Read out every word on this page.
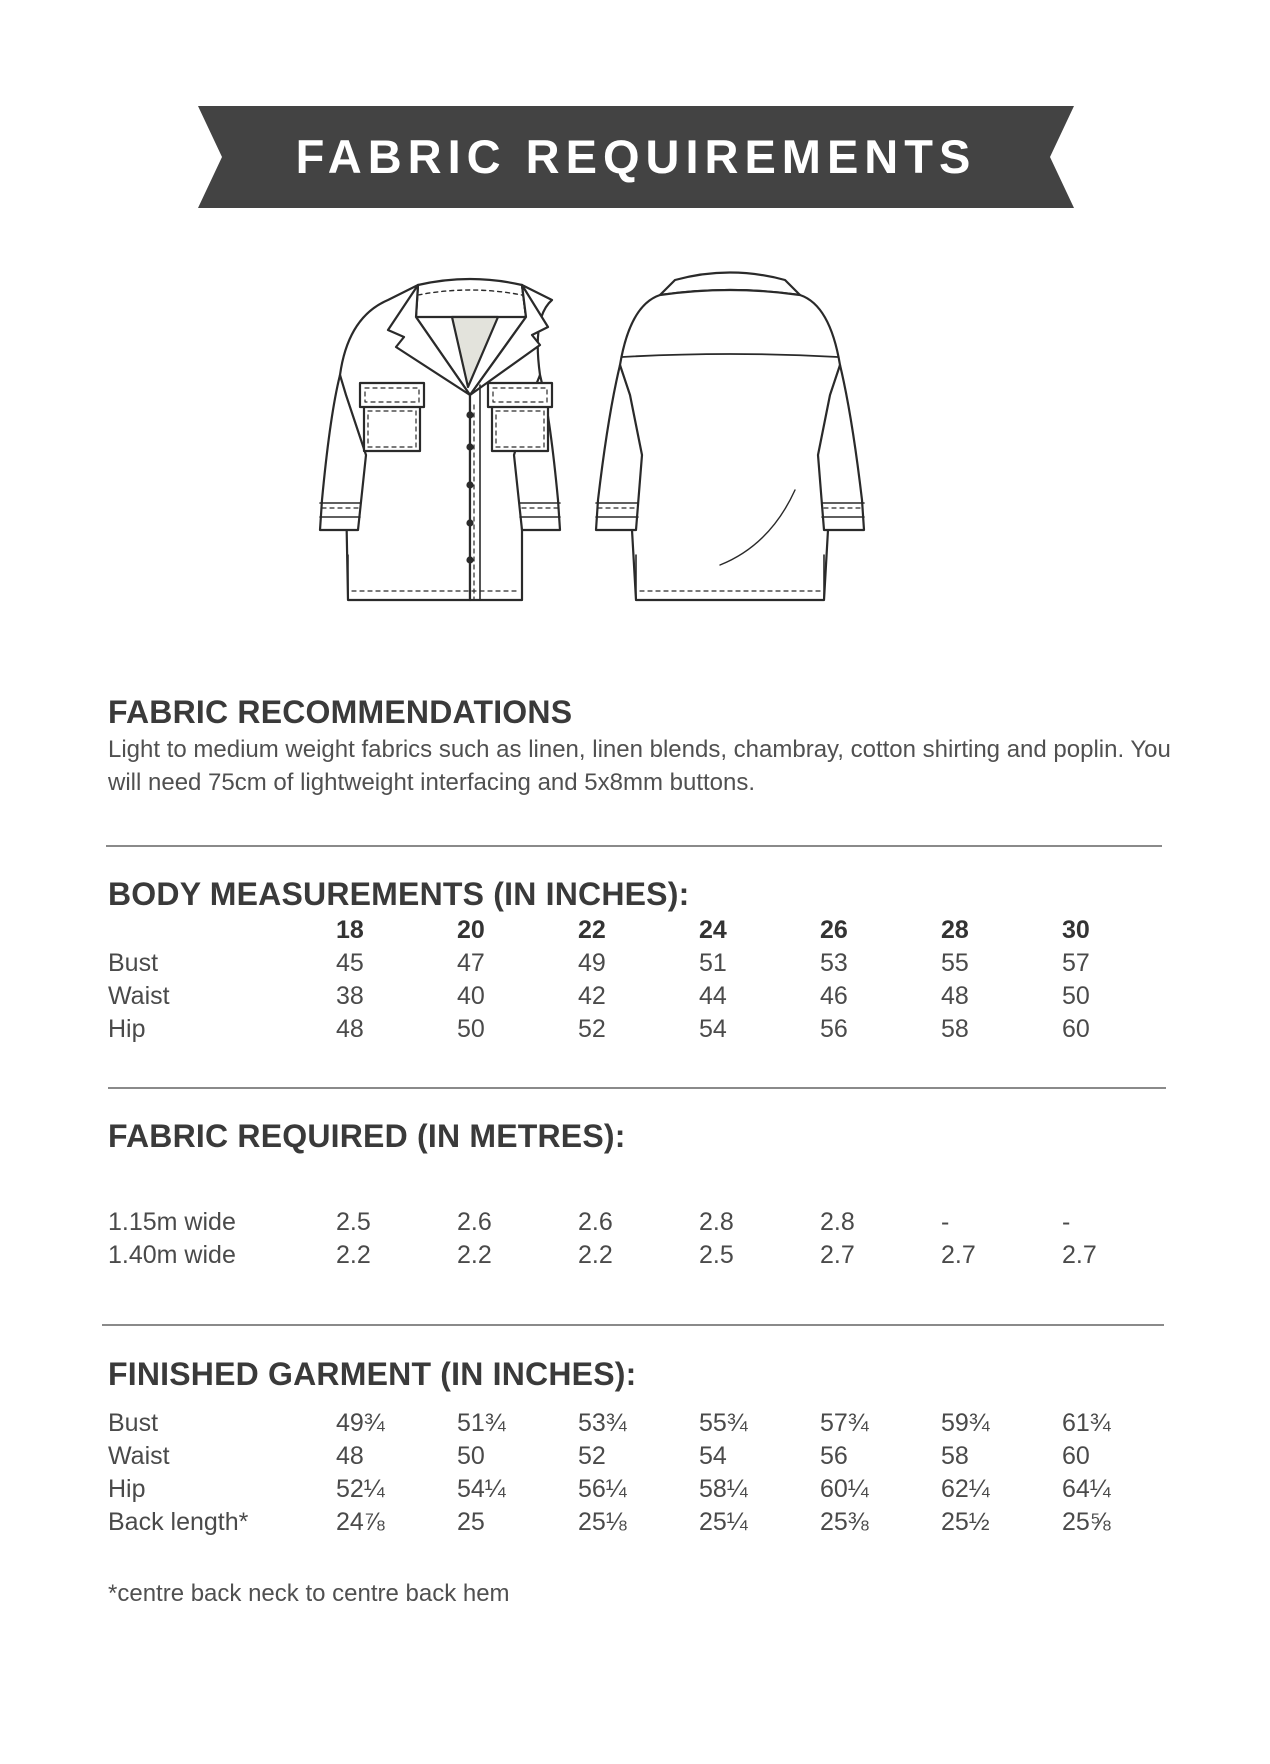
FABRIC REQUIREMENTS
FABRIC RECOMMENDATIONS
Light to medium weight fabrics such as linen, linen blends, chambray, cotton shirting and poplin. You will need 75cm of lightweight interfacing and 5x8mm buttons.
BODY MEASUREMENTS (IN INCHES):
	18	20	22	24	26	28	30
Bust	45	47	49	51	53	55	57
Waist	38	40	42	44	46	48	50
Hip	48	50	52	54	56	58	60
FABRIC REQUIRED (IN METRES):
1.15m wide	2.5	2.6	2.6	2.8	2.8	-	-
1.40m wide	2.2	2.2	2.2	2.5	2.7	2.7	2.7
FINISHED GARMENT (IN INCHES):
Bust	49¾	51¾	53¾	55¾	57¾	59¾	61¾
Waist	48	50	52	54	56	58	60
Hip	52¼	54¼	56¼	58¼	60¼	62¼	64¼
Back length*	24⅞	25	25⅛	25¼	25⅜	25½	25⅝
*centre back neck to centre back hem
